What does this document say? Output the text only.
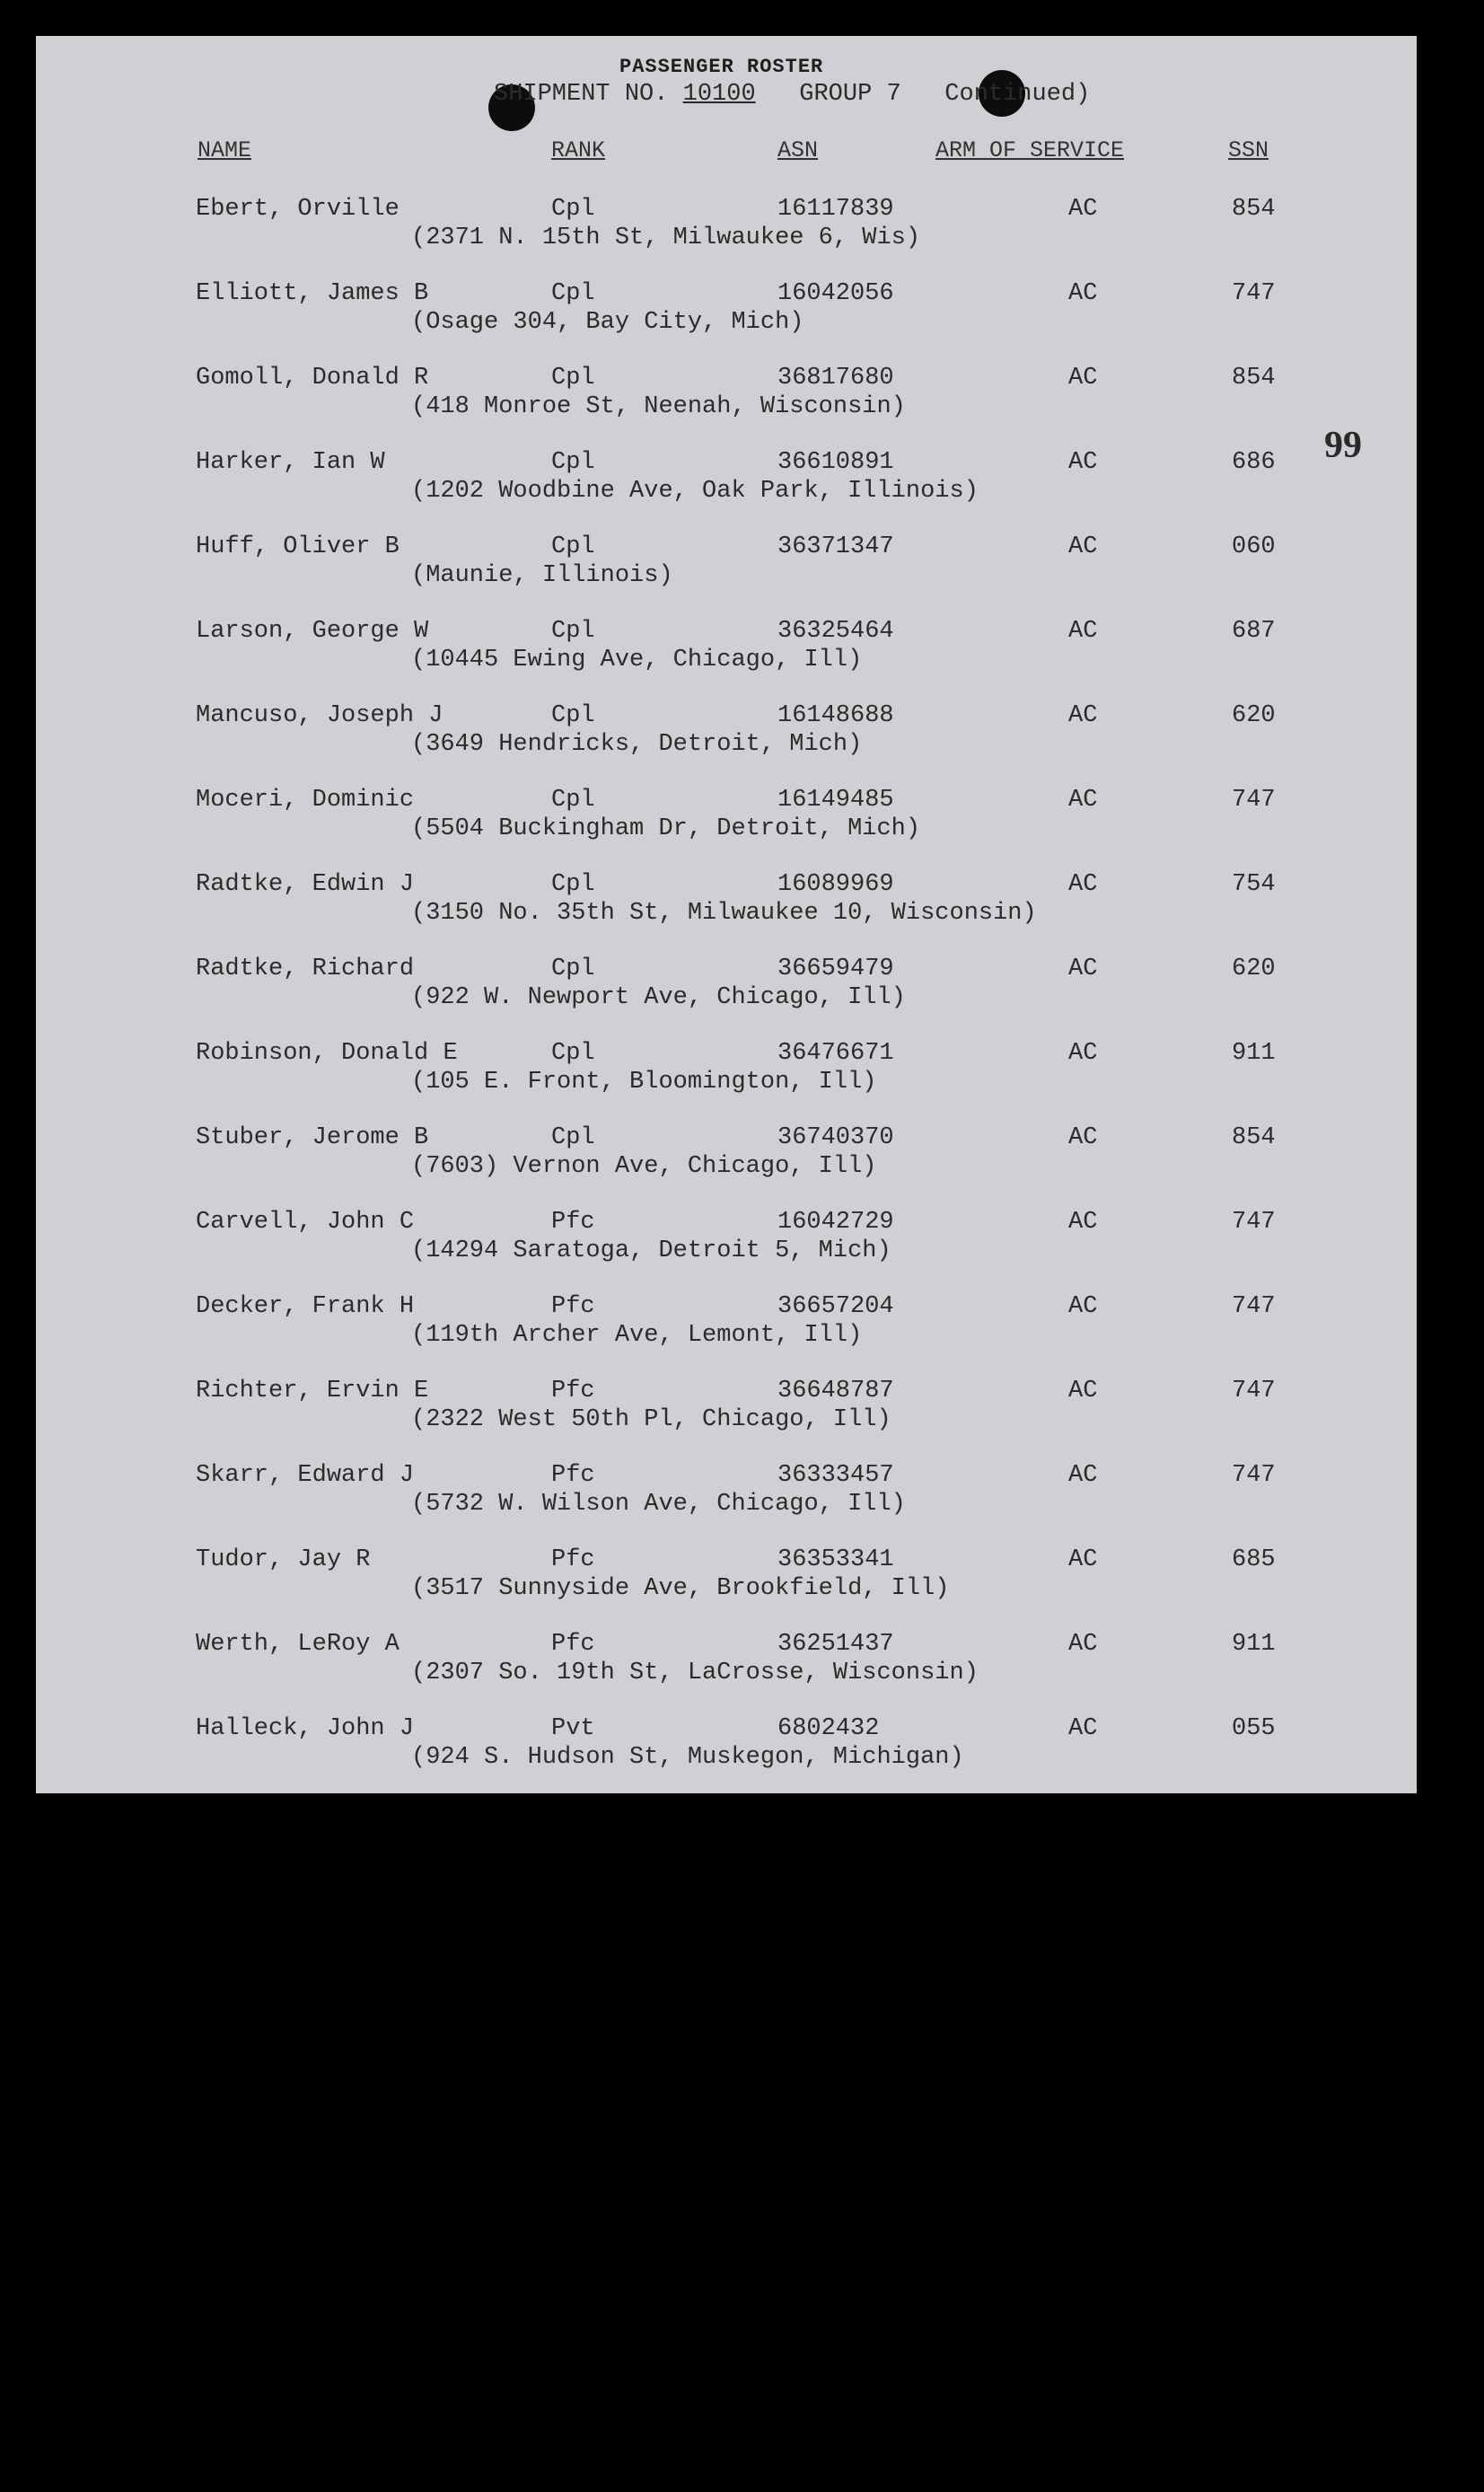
PASSENGER ROSTER
SHIPMENT NO. 10100 GROUP 7 Continued)
NAME	RANK	ASN	ARM OF SERVICE	SSN
Ebert, Orville	Cpl	16117839	AC	854
(2371 N. 15th St, Milwaukee 6, Wis)
Elliott, James B	Cpl	16042056	AC	747
(Osage 304, Bay City, Mich)
Gomoll, Donald R	Cpl	36817680	AC	854
(418 Monroe St, Neenah, Wisconsin)
Harker, Ian W	Cpl	36610891	AC	686
(1202 Woodbine Ave, Oak Park, Illinois)
Huff, Oliver B	Cpl	36371347	AC	060
(Maunie, Illinois)
Larson, George W	Cpl	36325464	AC	687
(10445 Ewing Ave, Chicago, Ill)
Mancuso, Joseph J	Cpl	16148688	AC	620
(3649 Hendricks, Detroit, Mich)
Moceri, Dominic	Cpl	16149485	AC	747
(5504 Buckingham Dr, Detroit, Mich)
Radtke, Edwin J	Cpl	16089969	AC	754
(3150 No. 35th St, Milwaukee 10, Wisconsin)
Radtke, Richard	Cpl	36659479	AC	620
(922 W. Newport Ave, Chicago, Ill)
Robinson, Donald E	Cpl	36476671	AC	911
(105 E. Front, Bloomington, Ill)
Stuber, Jerome B	Cpl	36740370	AC	854
(7603) Vernon Ave, Chicago, Ill)
Carvell, John C	Pfc	16042729	AC	747
(14294 Saratoga, Detroit 5, Mich)
Decker, Frank H	Pfc	36657204	AC	747
(119th Archer Ave, Lemont, Ill)
Richter, Ervin E	Pfc	36648787	AC	747
(2322 West 50th Pl, Chicago, Ill)
Skarr, Edward J	Pfc	36333457	AC	747
(5732 W. Wilson Ave, Chicago, Ill)
Tudor, Jay R	Pfc	36353341	AC	685
(3517 Sunnyside Ave, Brookfield, Ill)
Werth, LeRoy A	Pfc	36251437	AC	911
(2307 So. 19th St, LaCrosse, Wisconsin)
Halleck, John J	Pvt	6802432	AC	055
(924 S. Hudson St, Muskegon, Michigan)
99
